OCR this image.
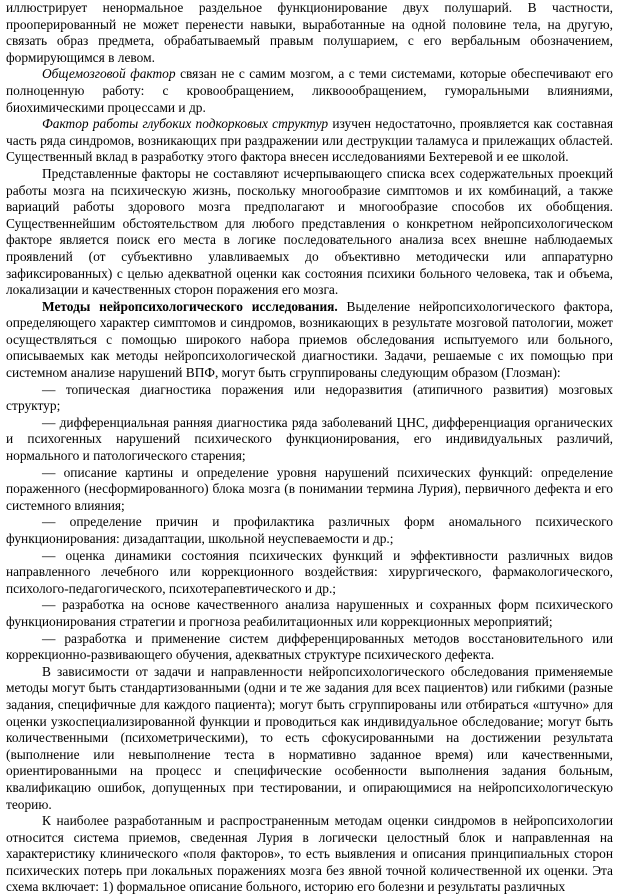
иллюстрирует ненормальное раздельное функционирование двух полушарий. В частности, прооперированный не может перенести навыки, выработанные на одной половине тела, на другую, связать образ предмета, обрабатываемый правым полушарием, с его вербальным обозначением, формирующимся в левом.

Общемозговой фактор связан не с самим мозгом, а с теми системами, которые обеспечивают его полноценную работу: с кровообращением, ликвоообращением, гуморальными влияниями, биохимическими процессами и др.

Фактор работы глубоких подкорковых структур изучен недостаточно, проявляется как составная часть ряда синдромов, возникающих при раздражении или деструкции таламуса и прилежащих областей. Существенный вклад в разработку этого фактора внесен исследованиями Бехтеревой и ее школой.

Представленные факторы не составляют исчерпывающего списка всех содержательных проекций работы мозга на психическую жизнь, поскольку многообразие симптомов и их комбинаций, а также вариаций работы здорового мозга предполагают и многообразие способов их обобщения. Существеннейшим обстоятельством для любого представления о конкретном нейропсихологическом факторе является поиск его места в логике последовательного анализа всех внешне наблюдаемых проявлений (от субъективно улавливаемых до объективно методически или аппаратурно зафиксированных) с целью адекватной оценки как состояния психики больного человека, так и объема, локализации и качественных сторон поражения его мозга.

Методы нейропсихологического исследования. Выделение нейропсихологического фактора, определяющего характер симптомов и синдромов, возникающих в результате мозговой патологии, может осуществляться с помощью широкого набора приемов обследования испытуемого или больного, описываемых как методы нейропсихологической диагностики. Задачи, решаемые с их помощью при системном анализе нарушений ВПФ, могут быть сгруппированы следующим образом (Глозман):

— топическая диагностика поражения или недоразвития (атипичного развития) мозговых структур;

— дифференциальная ранняя диагностика ряда заболеваний ЦНС, дифференциация органических и психогенных нарушений психического функционирования, его индивидуальных различий, нормального и патологического старения;

— описание картины и определение уровня нарушений психических функций: определение пораженного (несформированного) блока мозга (в понимании термина Лурия), первичного дефекта и его системного влияния;

— определение причин и профилактика различных форм аномального психического функционирования: дизадаптации, школьной неуспеваемости и др.;

— оценка динамики состояния психических функций и эффективности различных видов направленного лечебного или коррекционного воздействия: хирургического, фармакологического, психолого-педагогического, психотерапевтического и др.;

— разработка на основе качественного анализа нарушенных и сохранных форм психического функционирования стратегии и прогноза реабилитационных или коррекционных мероприятий;

— разработка и применение систем дифференцированных методов восстановительного или коррекционно-развивающего обучения, адекватных структуре психического дефекта.

В зависимости от задачи и направленности нейропсихологического обследования применяемые методы могут быть стандартизованными (одни и те же задания для всех пациентов) или гибкими (разные задания, специфичные для каждого пациента); могут быть сгруппированы или отбираться «штучно» для оценки узкоспециализированной функции и проводиться как индивидуальное обследование; могут быть количественными (психометрическими), то есть сфокусированными на достижении результата (выполнение или невыполнение теста в нормативно заданное время) или качественными, ориентированными на процесс и специфические особенности выполнения задания больным, квалификацию ошибок, допущенных при тестировании, и опирающимися на нейропсихологическую теорию.

К наиболее разработанным и распространенным методам оценки синдромов в нейропсихологии относится система приемов, сведенная Лурия в логически целостный блок и направленная на характеристику клинического «поля факторов», то есть выявления и описания принципиальных сторон психических потерь при локальных поражениях мозга без явной точной количественной их оценки. Эта схема включает: 1) формальное описание больного, историю его болезни и результаты различных
